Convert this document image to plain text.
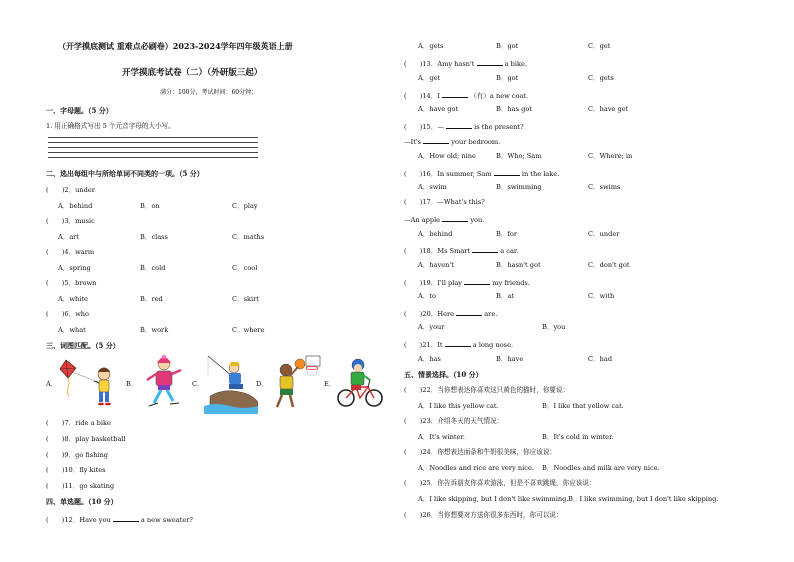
（开学摸底测试 重难点必刷卷）2023-2024学年四年级英语上册
开学摸底考试卷（二）（外研版三起）
满分：100分，考试时间：60分钟；
一、字母题。（5 分）
1. 用正确格式写出 5 个元音字母的大小写。
二、选出每组中与所给单词不同类的一项。（5 分）
(　　)2．under
A．behind	B．on	C．play
(　　)3．music
A．art	B．class	C．maths
(　　)4．warm
A．spring	B．cold	C．cool
(　　)5．brown
A．white	B．red	C．skirt
(　　)6．who
A．what	B．work	C．where
三、词图匹配。（5 分）
A．	B．	C．	D．	E．
(　　)7．ride a bike
(　　)8．play basketball
(　　)9．go fishing
(　　)10．fly kites
(　　)11．go skating
四、单选题。（10 分）
(　　)12．Have you	a new sweater?
A．gets	B．got	C．get
(　　)13．Amy hasn't	a bike.
A．get	B．got	C．gets
(　　)14．I	（有）a new coat.
A．have got	B．has got	C．have get
(　　)15．—	is the present?
—It's	your bedroom.
A．How old; nine	B．Who; Sam	C．Where; in
(　　)16．In summer, Sam	in the lake.
A．swim	B．swimming	C．swims
(　　)17．—What's this?
—An apple	you.
A．behind	B．for	C．under
(　　)18．Ms Smart	a car.
A．haven't	B．hasn't got	C．don't got
(　　)19．I'll play	my friends.
A．to	B．at	C．with
(　　)20．Here	are.
A．your	B．you
(　　)21．It	a long nose.
A．has	B．have	C．had
五、情景选择。（10 分）
(　　)22．当你想表达你喜欢这只黄色的猫时，你要说：
A．I like this yellow cat.	B．I like that yellow cat.
(　　)23．介绍冬天的天气情况：
A．It's winter.	B．It's cold in winter.
(　　)24．你想表达面条和牛奶很美味，你应该说：
A．Noodles and rice are very nice. B．Noodles and milk are very nice.
(　　)25．你告诉朋友你喜欢游泳，但是不喜欢跳绳，你应该说：
A．I like skipping, but I don't like swimming. B．I like swimming, but I don't like skipping.
(　　)26．当你想要对方送你很多东西时，你可以说：
